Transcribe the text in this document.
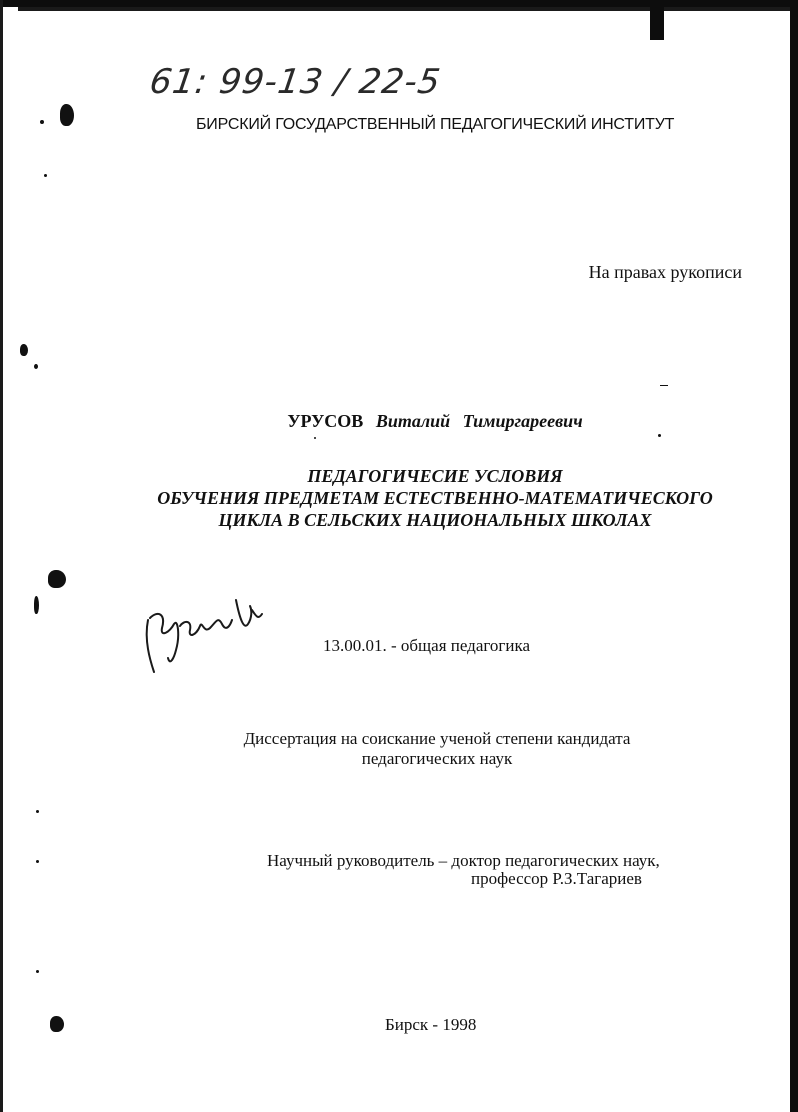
61: 99-13 / 22-5
БИРСКИЙ ГОСУДАРСТВЕННЫЙ ПЕДАГОГИЧЕСКИЙ ИНСТИТУТ
На правах рукописи
УРУСОВ Виталий Тимиргареевич
ПЕДАГОГИЧЕСИЕ УСЛОВИЯ
ОБУЧЕНИЯ ПРЕДМЕТАМ ЕСТЕСТВЕННО-МАТЕМАТИЧЕСКОГО
ЦИКЛА В СЕЛЬСКИХ НАЦИОНАЛЬНЫХ ШКОЛАХ
13.00.01. - общая педагогика
Диссертация на соискание ученой степени кандидата
педагогических наук
Научный руководитель – доктор педагогических наук,
профессор Р.З.Тагариев
Бирск - 1998
